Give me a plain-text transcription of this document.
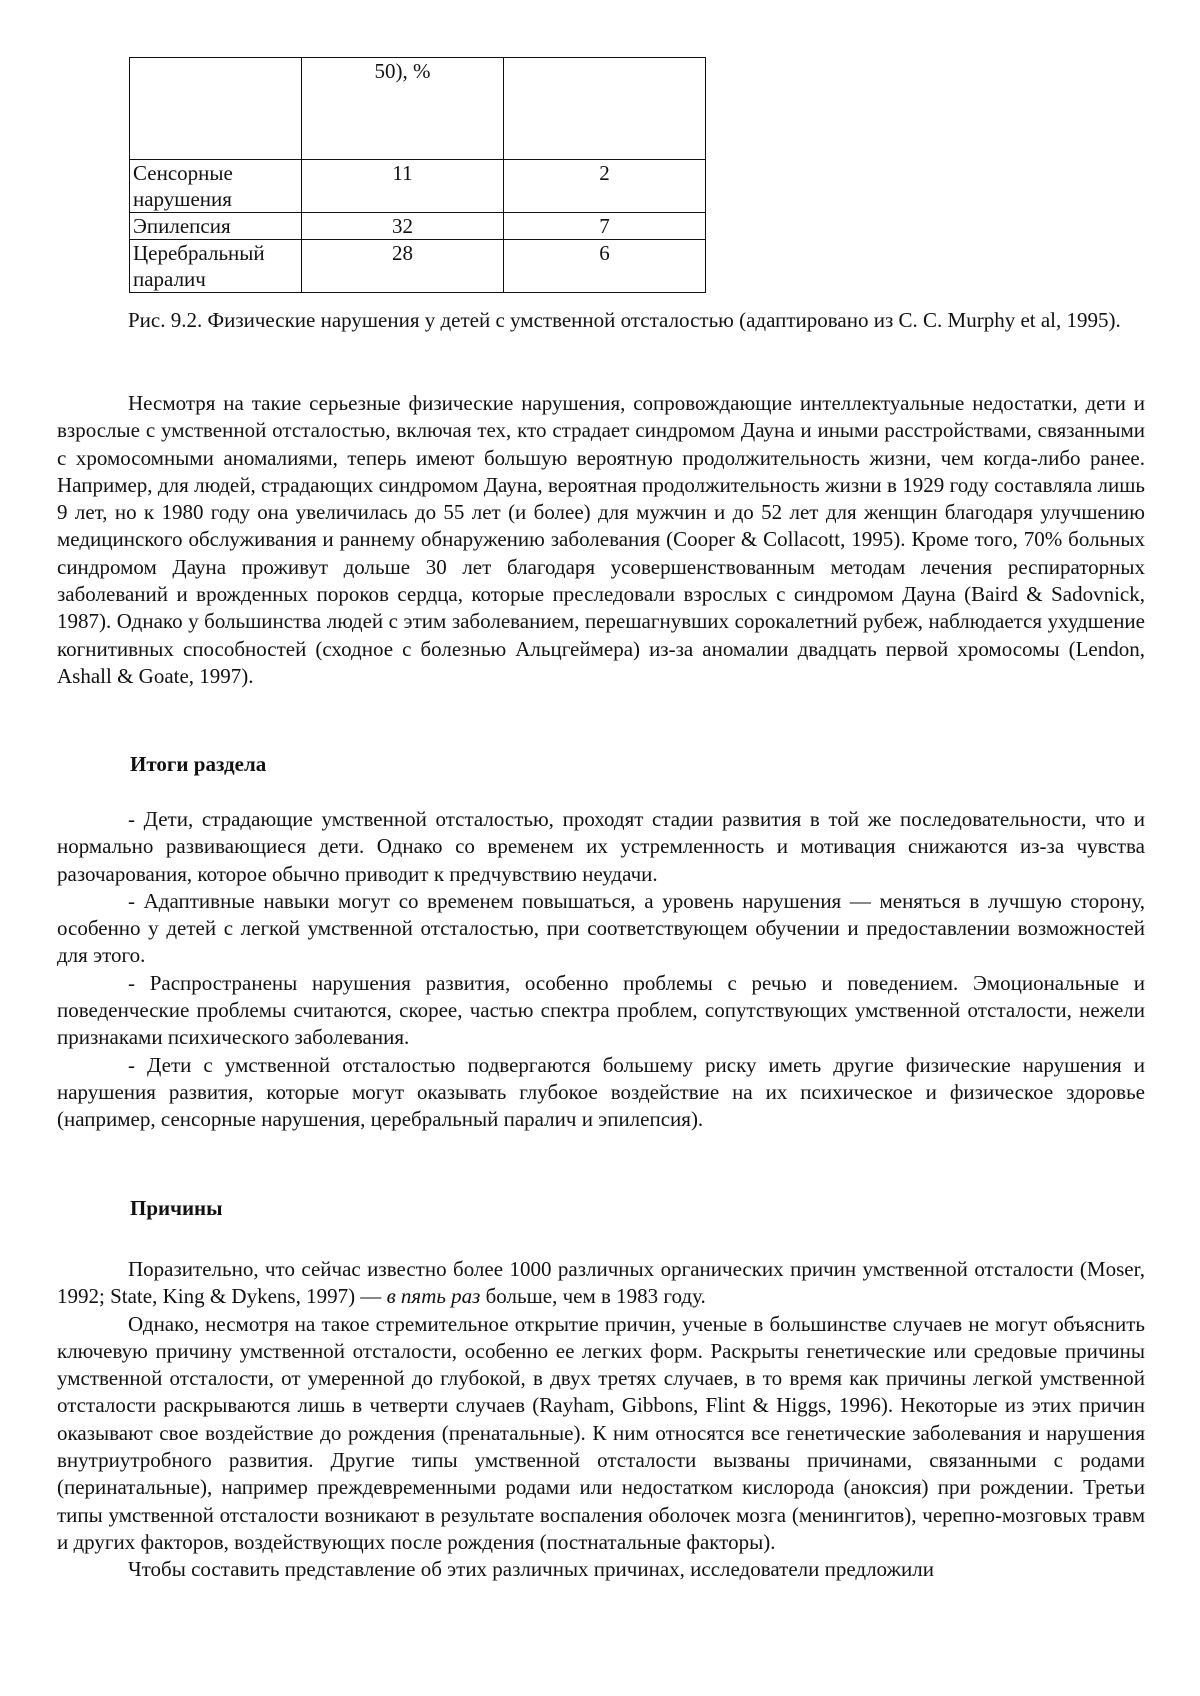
	50), %	
Сенсорные нарушения	11	2
Эпилепсия	32	7
Церебральный паралич	28	6

Рис. 9.2. Физические нарушения у детей с умственной отсталостью (адаптировано из С. С. Murphy et al, 1995).

Несмотря на такие серьезные физические нарушения, сопровождающие интеллектуальные недостатки, дети и взрослые с умственной отсталостью, включая тех, кто страдает синдромом Дауна и иными расстройствами, связанными с хромосомными аномалиями, теперь имеют большую вероятную продолжительность жизни, чем когда-либо ранее. Например, для людей, страдающих синдромом Дауна, вероятная продолжительность жизни в 1929 году составляла лишь 9 лет, но к 1980 году она увеличилась до 55 лет (и более) для мужчин и до 52 лет для женщин благодаря улучшению медицинского обслуживания и раннему обнаружению заболевания (Cooper & Collacott, 1995). Кроме того, 70% больных синдромом Дауна проживут дольше 30 лет благодаря усовершенствованным методам лечения респираторных заболеваний и врожденных пороков сердца, которые преследовали взрослых с синдромом Дауна (Baird & Sadovnick, 1987). Однако у большинства людей с этим заболеванием, перешагнувших сорокалетний рубеж, наблюдается ухудшение когнитивных способностей (сходное с болезнью Альцгеймера) из-за аномалии двадцать первой хромосомы (Lendon, Ashall & Goate, 1997).

Итоги раздела

- Дети, страдающие умственной отсталостью, проходят стадии развития в той же последовательности, что и нормально развивающиеся дети. Однако со временем их устремленность и мотивация снижаются из-за чувства разочарования, которое обычно приводит к предчувствию неудачи.

- Адаптивные навыки могут со временем повышаться, а уровень нарушения — меняться в лучшую сторону, особенно у детей с легкой умственной отсталостью, при соответствующем обучении и предоставлении возможностей для этого.

- Распространены нарушения развития, особенно проблемы с речью и поведением. Эмоциональные и поведенческие проблемы считаются, скорее, частью спектра проблем, сопутствующих умственной отсталости, нежели признаками психического заболевания.

- Дети с умственной отсталостью подвергаются большему риску иметь другие физические нарушения и нарушения развития, которые могут оказывать глубокое воздействие на их психическое и физическое здоровье (например, сенсорные нарушения, церебральный паралич и эпилепсия).

Причины

Поразительно, что сейчас известно более 1000 различных органических причин умственной отсталости (Moser, 1992; State, King & Dykens, 1997) — в пять раз больше, чем в 1983 году.

Однако, несмотря на такое стремительное открытие причин, ученые в большинстве случаев не могут объяснить ключевую причину умственной отсталости, особенно ее легких форм. Раскрыты генетические или средовые причины умственной отсталости, от умеренной до глубокой, в двух третях случаев, в то время как причины легкой умственной отсталости раскрываются лишь в четверти случаев (Rayham, Gibbons, Flint & Higgs, 1996). Некоторые из этих причин оказывают свое воздействие до рождения (пренатальные). К ним относятся все генетические заболевания и нарушения внутриутробного развития. Другие типы умственной отсталости вызваны причинами, связанными с родами (перинатальные), например преждевременными родами или недостатком кислорода (аноксия) при рождении. Третьи типы умственной отсталости возникают в результате воспаления оболочек мозга (менингитов), черепно-мозговых травм и других факторов, воздействующих после рождения (постнатальные факторы).

Чтобы составить представление об этих различных причинах, исследователи предложили
